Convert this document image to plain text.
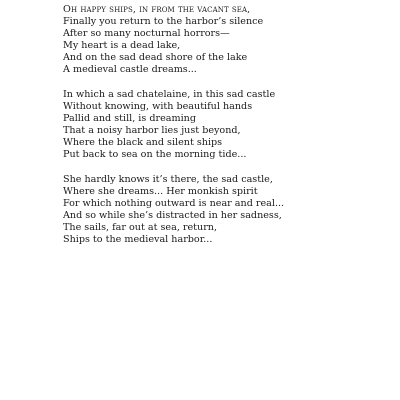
Oh happy ships, in from the vacant sea,
Finally you return to the harbor’s silence
After so many nocturnal horrors—
My heart is a dead lake,
And on the sad dead shore of the lake
A medieval castle dreams...
In which a sad chatelaine, in this sad castle
Without knowing, with beautiful hands
Pallid and still, is dreaming
That a noisy harbor lies just beyond,
Where the black and silent ships
Put back to sea on the morning tide...
She hardly knows it’s there, the sad castle,
Where she dreams... Her monkish spirit
For which nothing outward is near and real...
And so while she’s distracted in her sadness,
The sails, far out at sea, return,
Ships to the medieval harbor...
